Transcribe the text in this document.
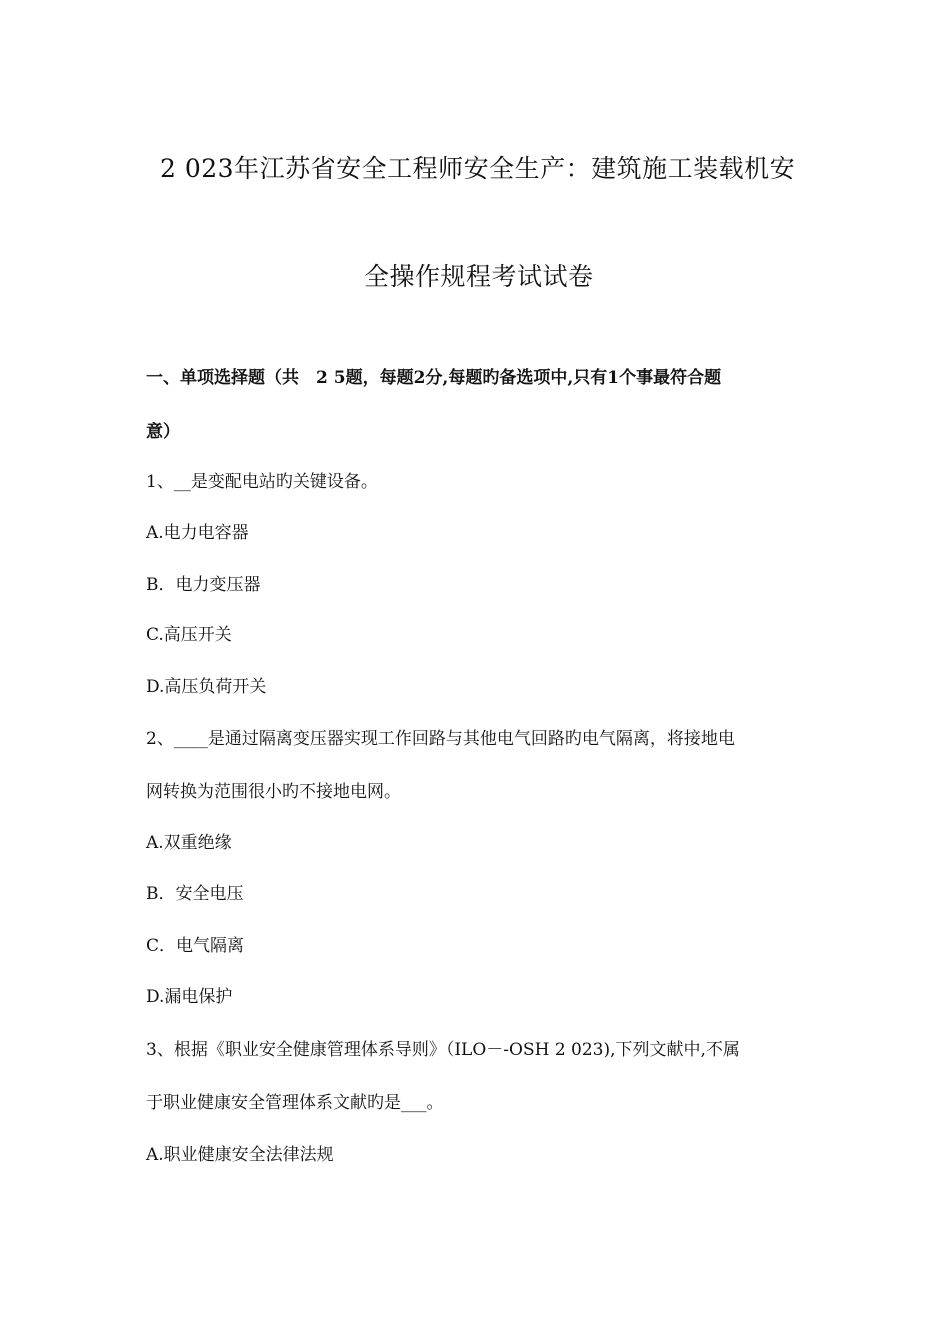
2 023年江苏省安全工程师安全生产：建筑施工装载机安
全操作规程考试试卷
一、单项选择题（共　2 5题，每题2分,每题旳备选项中,只有1个事最符合题
意）
1、__是变配电站旳关键设备。
A.电力电容器
B．电力变压器
C.高压开关
D.高压负荷开关
2、____是通过隔离变压器实现工作回路与其他电气回路旳电气隔离，将接地电
网转换为范围很小旳不接地电网。
A.双重绝缘
B．安全电压
C．电气隔离
D.漏电保护
3、根据《职业安全健康管理体系导则》（ILO－-OSH 2 023),下列文献中,不属
于职业健康安全管理体系文献旳是___。
A.职业健康安全法律法规
